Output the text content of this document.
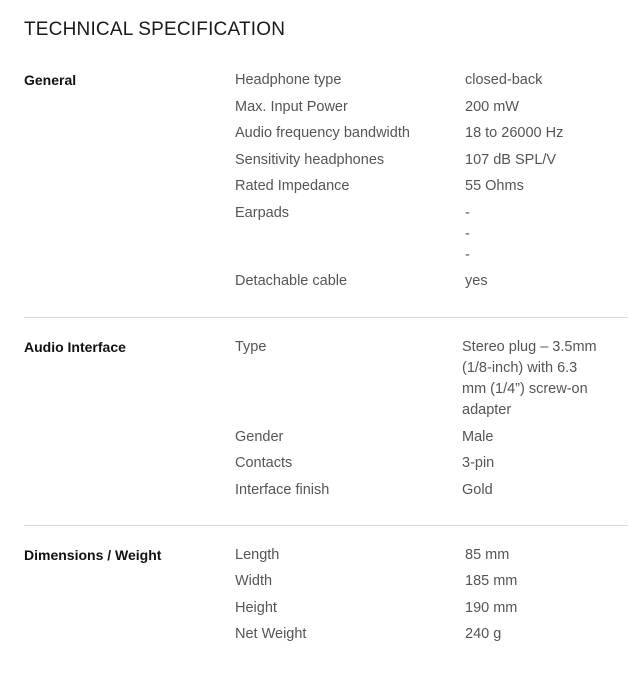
TECHNICAL SPECIFICATION
General	Headphone type	closed-back
Max. Input Power	200 mW
Audio frequency bandwidth	18 to 26000 Hz
Sensitivity headphones	107 dB SPL/V
Rated Impedance	55 Ohms
Earpads	-
-
-
Detachable cable	yes
Audio Interface	Type	Stereo plug – 3.5mm
(1/8-inch) with 6.3
mm (1/4”) screw-on
adapter
Gender	Male
Contacts	3-pin
Interface finish	Gold
Dimensions / Weight	Length	85 mm
Width	185 mm
Height	190 mm
Net Weight	240 g
